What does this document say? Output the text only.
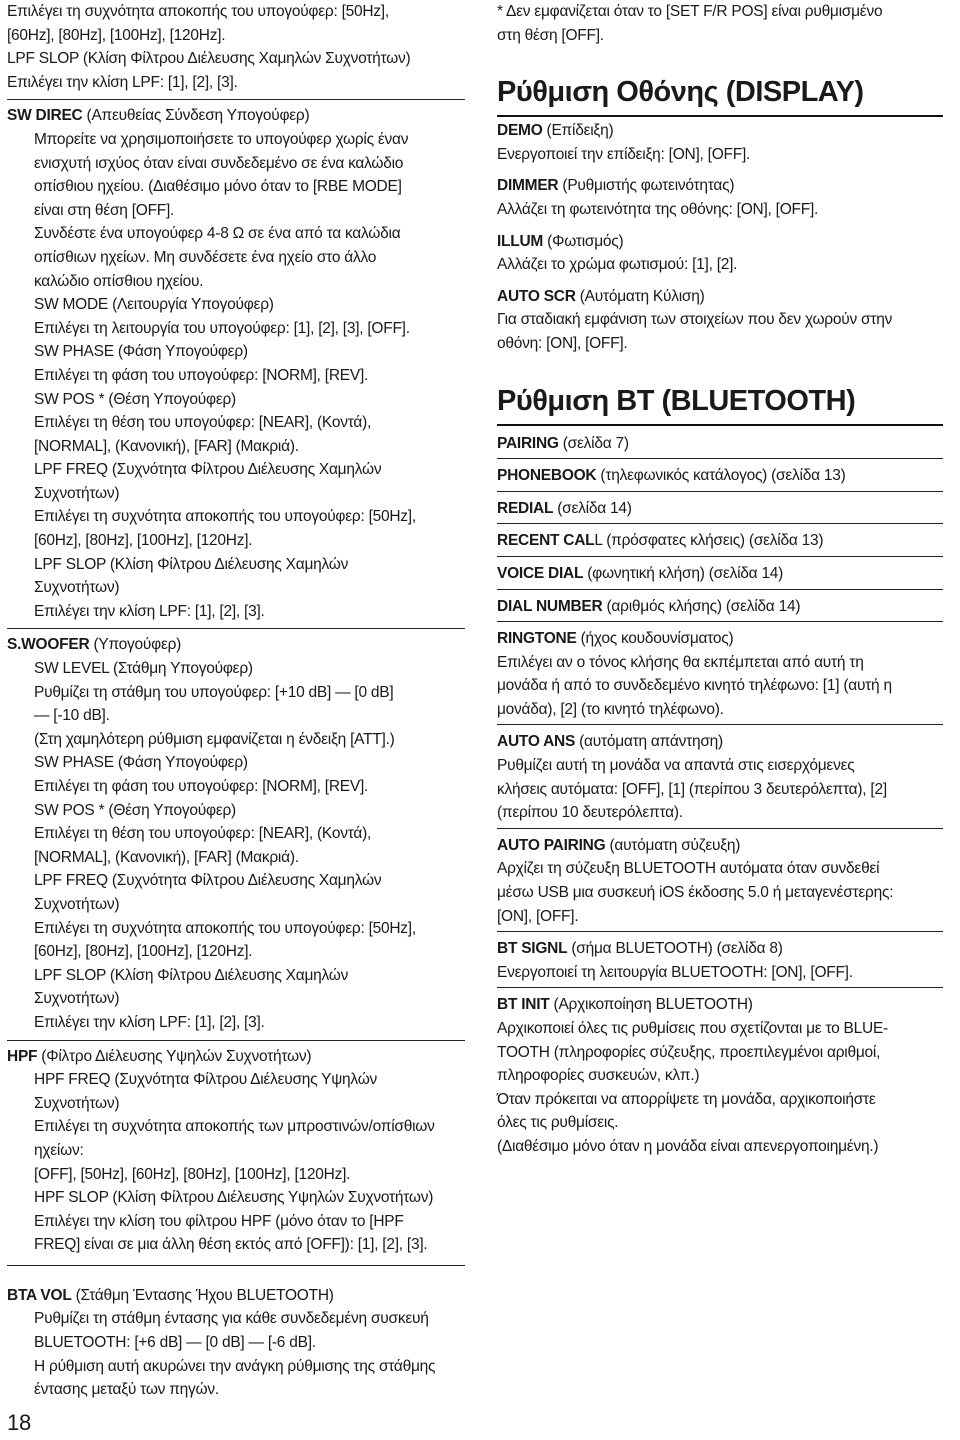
Επιλέγει τη συχνότητα αποκοπής του υπογούφερ: [50Hz],

[60Hz], [80Hz], [100Hz], [120Hz].

LPF SLOP (Κλίση Φίλτρου Διέλευσης Χαμηλών Συχνοτήτων)

Επιλέγει την κλίση LPF: [1], [2], [3].

SW DIREC (Απευθείας Σύνδεση Υπογούφερ)

Μπορείτε να χρησιμοποιήσετε το υπογούφερ χωρίς έναν

ενισχυτή ισχύος όταν είναι συνδεδεμένο σε ένα καλώδιο

οπίσθιου ηχείου. (Διαθέσιμο μόνο όταν το [RBE MODE]

είναι στη θέση [OFF].

Συνδέστε ένα υπογούφερ 4-8 Ω σε ένα από τα καλώδια

οπίσθιων ηχείων. Μη συνδέσετε ένα ηχείο στο άλλο

καλώδιο οπίσθιου ηχείου.

SW MODE (Λειτουργία Υπογούφερ)

Επιλέγει τη λειτουργία του υπογούφερ: [1], [2], [3], [OFF].

SW PHASE (Φάση Υπογούφερ)

Επιλέγει τη φάση του υπογούφερ: [NORM], [REV].

SW POS * (Θέση Υπογούφερ)

Επιλέγει τη θέση του υπογούφερ: [NEAR], (Κοντά),

[NORMAL], (Κανονική), [FAR] (Μακριά).

LPF FREQ (Συχνότητα Φίλτρου Διέλευσης Χαμηλών

Συχνοτήτων)

Επιλέγει τη συχνότητα αποκοπής του υπογούφερ: [50Hz],

[60Hz], [80Hz], [100Hz], [120Hz].

LPF SLOP (Κλίση Φίλτρου Διέλευσης Χαμηλών

Συχνοτήτων)

Επιλέγει την κλίση LPF: [1], [2], [3].

S.WOOFER (Υπογούφερ)

SW LEVEL (Στάθμη Υπογούφερ)

Ρυθμίζει τη στάθμη του υπογούφερ: [+10 dB] — [0 dB]

— [-10 dB].

(Στη χαμηλότερη ρύθμιση εμφανίζεται η ένδειξη [ATT].)

SW PHASE (Φάση Υπογούφερ)

Επιλέγει τη φάση του υπογούφερ: [NORM], [REV].

SW POS * (Θέση Υπογούφερ)

Επιλέγει τη θέση του υπογούφερ: [NEAR], (Κοντά),

[NORMAL], (Κανονική), [FAR] (Μακριά).

LPF FREQ (Συχνότητα Φίλτρου Διέλευσης Χαμηλών

Συχνοτήτων)

Επιλέγει τη συχνότητα αποκοπής του υπογούφερ: [50Hz],

[60Hz], [80Hz], [100Hz], [120Hz].

LPF SLOP (Κλίση Φίλτρου Διέλευσης Χαμηλών

Συχνοτήτων)

Επιλέγει την κλίση LPF: [1], [2], [3].

HPF (Φίλτρο Διέλευσης Υψηλών Συχνοτήτων)

HPF FREQ (Συχνότητα Φίλτρου Διέλευσης Υψηλών

Συχνοτήτων)

Επιλέγει τη συχνότητα αποκοπής των μπροστινών/οπίσθιων

ηχείων:

[OFF], [50Hz], [60Hz], [80Hz], [100Hz], [120Hz].

HPF SLOP (Κλίση Φίλτρου Διέλευσης Υψηλών Συχνοτήτων)

Επιλέγει την κλίση του φίλτρου HPF (μόνο όταν το [HPF

FREQ] είναι σε μια άλλη θέση εκτός από [OFF]): [1], [2], [3].

BTA VOL (Στάθμη Έντασης Ήχου BLUETOOTH)

Ρυθμίζει τη στάθμη έντασης για κάθε συνδεδεμένη συσκευή

BLUETOOTH: [+6 dB] — [0 dB] — [-6 dB].

Η ρύθμιση αυτή ακυρώνει την ανάγκη ρύθμισης της στάθμης

έντασης μεταξύ των πηγών.

* Δεν εμφανίζεται όταν το [SET F/R POS] είναι ρυθμισμένο

στη θέση [OFF].

Ρύθμιση Οθόνης (DISPLAY)

DEMO (Επίδειξη)

Ενεργοποιεί την επίδειξη: [ON], [OFF].

DIMMER (Ρυθμιστής φωτεινότητας)

Αλλάζει τη φωτεινότητα της οθόνης: [ON], [OFF].

ILLUM (Φωτισμός)

Αλλάζει το χρώμα φωτισμού: [1], [2].

AUTO SCR (Αυτόματη Κύλιση)

Για σταδιακή εμφάνιση των στοιχείων που δεν χωρούν στην

οθόνη: [ON], [OFF].

Ρύθμιση BT (BLUETOOTH)

PAIRING (σελίδα 7)

PHONEBOOK (τηλεφωνικός κατάλογος) (σελίδα 13)

REDIAL (σελίδα 14)

RECENT CALL (πρόσφατες κλήσεις) (σελίδα 13)

VOICE DIAL (φωνητική κλήση) (σελίδα 14)

DIAL NUMBER (αριθμός κλήσης) (σελίδα 14)

RINGTONE (ήχος κουδουνίσματος)

Επιλέγει αν ο τόνος κλήσης θα εκπέμπεται από αυτή τη

μονάδα ή από το συνδεδεμένο κινητό τηλέφωνο: [1] (αυτή η

μονάδα), [2] (το κινητό τηλέφωνο).

AUTO ANS (αυτόματη απάντηση)

Ρυθμίζει αυτή τη μονάδα να απαντά στις εισερχόμενες

κλήσεις αυτόματα: [OFF], [1] (περίπου 3 δευτερόλεπτα), [2]

(περίπου 10 δευτερόλεπτα).

AUTO PAIRING (αυτόματη σύζευξη)

Αρχίζει τη σύζευξη BLUETOOTH αυτόματα όταν συνδεθεί

μέσω USB μια συσκευή iOS έκδοσης 5.0 ή μεταγενέστερης:

[ON], [OFF].

BT SIGNL (σήμα BLUETOOTH) (σελίδα 8)

Ενεργοποιεί τη λειτουργία BLUETOOTH: [ON], [OFF].

BT INIT (Αρχικοποίηση BLUETOOTH)

Αρχικοποιεί όλες τις ρυθμίσεις που σχετίζονται με το BLUE-

TOOTH (πληροφορίες σύζευξης, προεπιλεγμένοι αριθμοί,

πληροφορίες συσκευών, κλπ.)

Όταν πρόκειται να απορρίψετε τη μονάδα, αρχικοποιήστε

όλες τις ρυθμίσεις.

(Διαθέσιμο μόνο όταν η μονάδα είναι απενεργοποιημένη.)

18
